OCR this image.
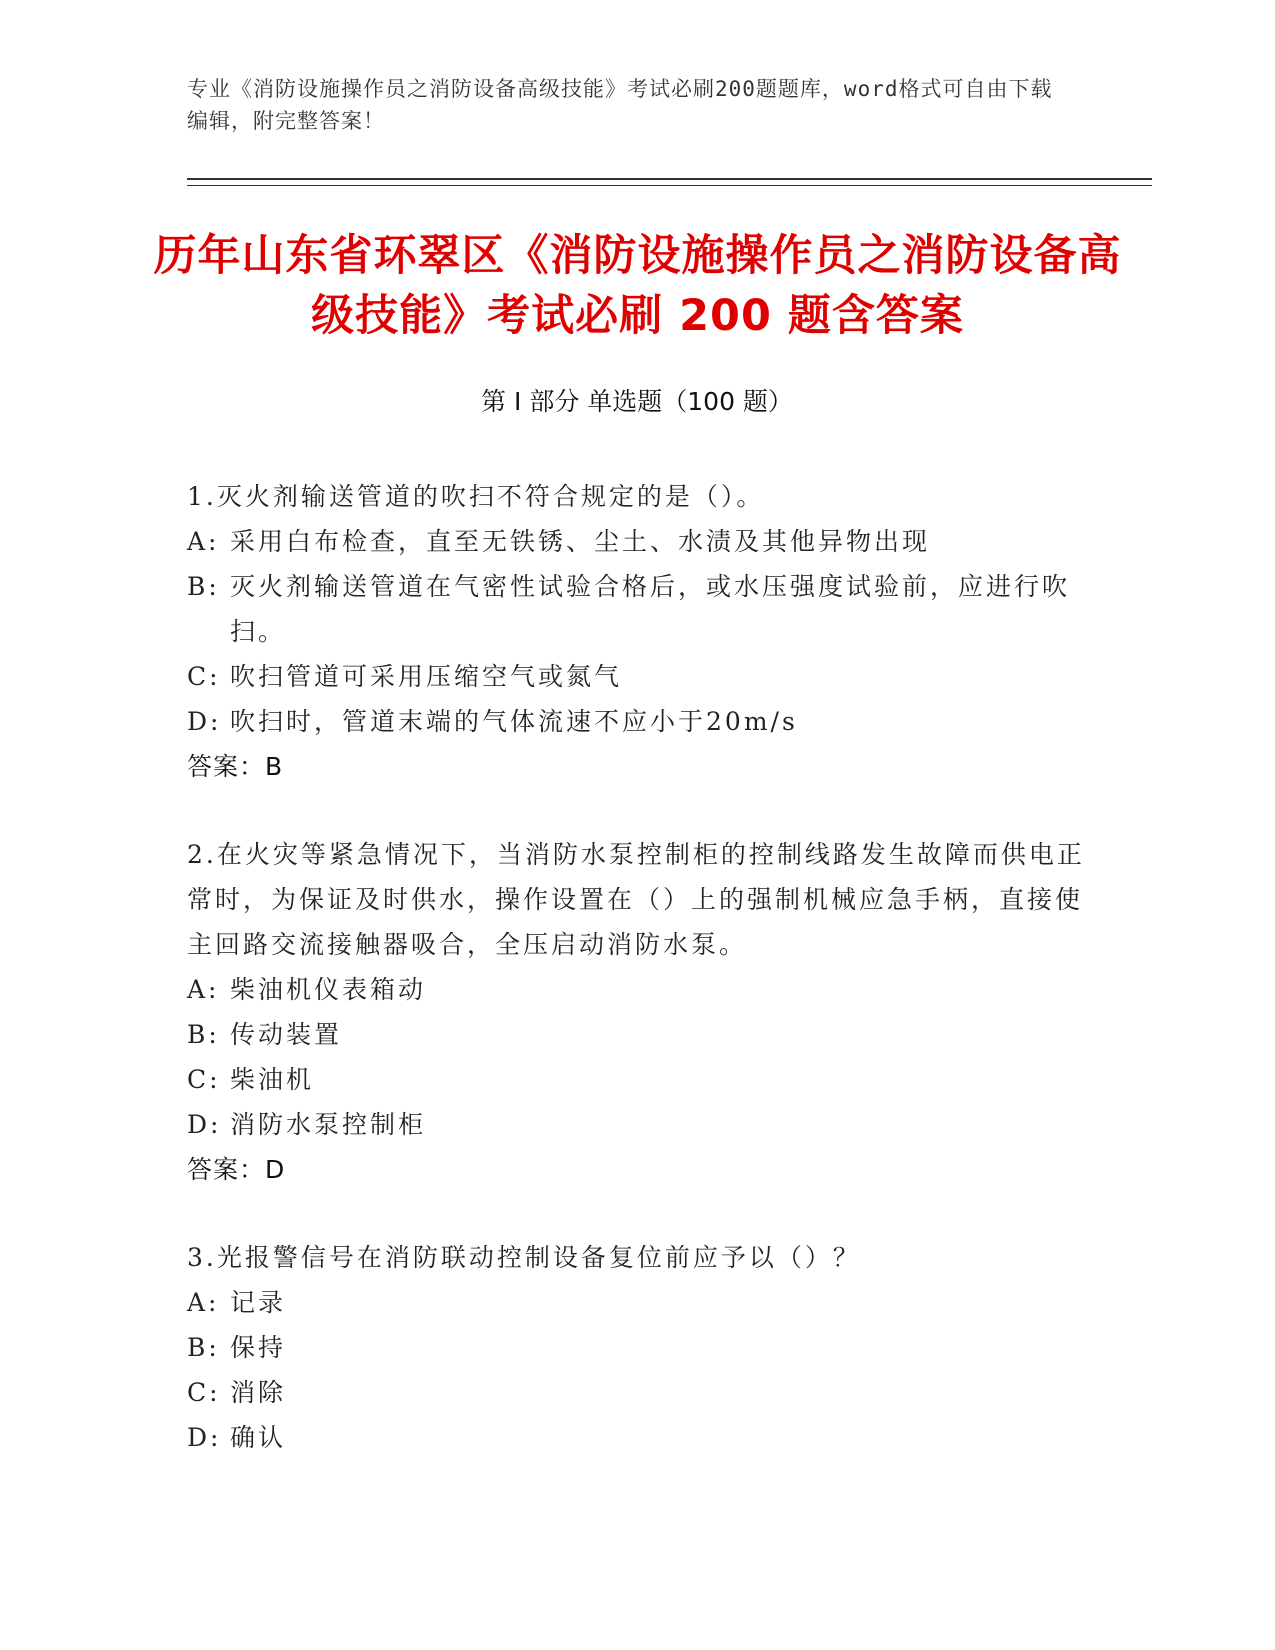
专业《消防设施操作员之消防设备高级技能》考试必刷200题题库，word格式可自由下载编辑，附完整答案！
历年山东省环翠区《消防设施操作员之消防设备高级技能》考试必刷 200 题含答案
第 I 部分 单选题（100 题）
1.灭火剂输送管道的吹扫不符合规定的是（）。
A: 采用白布检查，直至无铁锈、尘土、水渍及其他异物出现
B: 灭火剂输送管道在气密性试验合格后，或水压强度试验前，应进行吹扫。
C: 吹扫管道可采用压缩空气或氮气
D: 吹扫时，管道末端的气体流速不应小于20m/s
答案：B
2.在火灾等紧急情况下，当消防水泵控制柜的控制线路发生故障而供电正常时，为保证及时供水，操作设置在（）上的强制机械应急手柄，直接使主回路交流接触器吸合，全压启动消防水泵。
A: 柴油机仪表箱动
B: 传动装置
C: 柴油机
D: 消防水泵控制柜
答案：D
3.光报警信号在消防联动控制设备复位前应予以（）？
A: 记录
B: 保持
C: 消除
D: 确认
